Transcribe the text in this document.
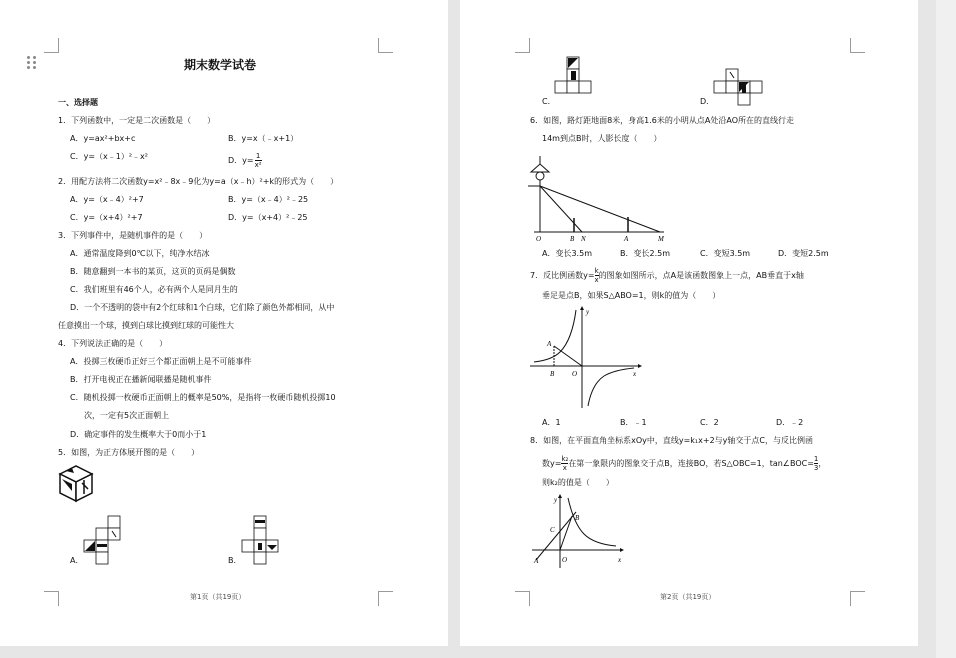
期末数学试卷
一、选择题
1．下列函数中，一定是二次函数是（　　）
A．y=ax²+bx+c	B．y=x（﹣x+1）
C．y=（x﹣1）²﹣x²	D．$y= \frac{1}{\text{x²}}$
2．用配方法将二次函数y=x²﹣8x﹣9化为y=a（x﹣h）²+k的形式为（　　）
A．y=（x﹣4）²+7	B．y=（x﹣4）²﹣25
C．y=（x+4）²+7	D．y=（x+4）²﹣25
3．下列事件中，是随机事件的是（　　）
A．通常温度降到0℃以下，纯净水结冰
B．随意翻到一本书的某页，这页的页码是偶数
C．我们班里有46个人，必有两个人是同月生的
D．一个不透明的袋中有2个红球和1个白球，它们除了颜色外都相同，从中
任意摸出一个球，摸到白球比摸到红球的可能性大
4．下列说法正确的是（　　）
A．投掷三枚硬币正好三个都正面朝上是不可能事件
B．打开电视正在播新闻联播是随机事件
C．随机投掷一枚硬币正面朝上的概率是50%，是指将一枚硬币随机投掷10
次，一定有5次正面朝上
D．确定事件的发生概率大于0而小于1
5．如图，为正方体展开图的是（　　）
A．	B．
第1页（共19页）
C．	D．
6．如图，路灯距地面8米，身高1.6米的小明从点A处沿AO所在的直线行走
14m到点B时，人影长度（　　）
O	B N	A	M
A．变长3.5m	B．变长2.5m	C．变短3.5m	D．变短2.5m
7．反比例函数$y= \frac{k}{x}$ 的图象如图所示，点A是该函数图象上一点，AB垂直于x轴
垂足是点B，如果S△ABO=1，则k的值为（　　）
y
A
B	O	x
A．1	B．﹣1	C．2	D．﹣2
8．如图，在平面直角坐标系xOy中，直线y=k₁x+2与y轴交于点C，与反比例函
数$y= \frac{\text{k₂}}{x}$ 在第一象限内的图象交于点B，连接BO，若S△OBC=1，tan∠BOC= $\frac{1}{3}$ ，
则k₂的值是（　　）
y
B
C
A	O	x
第2页（共19页）
